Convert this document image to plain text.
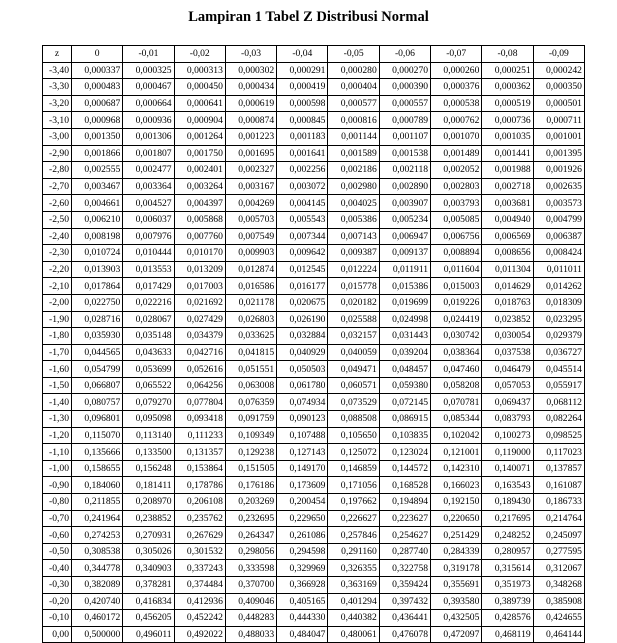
Lampiran 1 Tabel Z Distribusi Normal
z	0	-0,01	-0,02	-0,03	-0,04	-0,05	-0,06	-0,07	-0,08	-0,09
-3,40	0,000337	0,000325	0,000313	0,000302	0,000291	0,000280	0,000270	0,000260	0,000251	0,000242
-3,30	0,000483	0,000467	0,000450	0,000434	0,000419	0,000404	0,000390	0,000376	0,000362	0,000350
-3,20	0,000687	0,000664	0,000641	0,000619	0,000598	0,000577	0,000557	0,000538	0,000519	0,000501
-3,10	0,000968	0,000936	0,000904	0,000874	0,000845	0,000816	0,000789	0,000762	0,000736	0,000711
-3,00	0,001350	0,001306	0,001264	0,001223	0,001183	0,001144	0,001107	0,001070	0,001035	0,001001
-2,90	0,001866	0,001807	0,001750	0,001695	0,001641	0,001589	0,001538	0,001489	0,001441	0,001395
-2,80	0,002555	0,002477	0,002401	0,002327	0,002256	0,002186	0,002118	0,002052	0,001988	0,001926
-2,70	0,003467	0,003364	0,003264	0,003167	0,003072	0,002980	0,002890	0,002803	0,002718	0,002635
-2,60	0,004661	0,004527	0,004397	0,004269	0,004145	0,004025	0,003907	0,003793	0,003681	0,003573
-2,50	0,006210	0,006037	0,005868	0,005703	0,005543	0,005386	0,005234	0,005085	0,004940	0,004799
-2,40	0,008198	0,007976	0,007760	0,007549	0,007344	0,007143	0,006947	0,006756	0,006569	0,006387
-2,30	0,010724	0,010444	0,010170	0,009903	0,009642	0,009387	0,009137	0,008894	0,008656	0,008424
-2,20	0,013903	0,013553	0,013209	0,012874	0,012545	0,012224	0,011911	0,011604	0,011304	0,011011
-2,10	0,017864	0,017429	0,017003	0,016586	0,016177	0,015778	0,015386	0,015003	0,014629	0,014262
-2,00	0,022750	0,022216	0,021692	0,021178	0,020675	0,020182	0,019699	0,019226	0,018763	0,018309
-1,90	0,028716	0,028067	0,027429	0,026803	0,026190	0,025588	0,024998	0,024419	0,023852	0,023295
-1,80	0,035930	0,035148	0,034379	0,033625	0,032884	0,032157	0,031443	0,030742	0,030054	0,029379
-1,70	0,044565	0,043633	0,042716	0,041815	0,040929	0,040059	0,039204	0,038364	0,037538	0,036727
-1,60	0,054799	0,053699	0,052616	0,051551	0,050503	0,049471	0,048457	0,047460	0,046479	0,045514
-1,50	0,066807	0,065522	0,064256	0,063008	0,061780	0,060571	0,059380	0,058208	0,057053	0,055917
-1,40	0,080757	0,079270	0,077804	0,076359	0,074934	0,073529	0,072145	0,070781	0,069437	0,068112
-1,30	0,096801	0,095098	0,093418	0,091759	0,090123	0,088508	0,086915	0,085344	0,083793	0,082264
-1,20	0,115070	0,113140	0,111233	0,109349	0,107488	0,105650	0,103835	0,102042	0,100273	0,098525
-1,10	0,135666	0,133500	0,131357	0,129238	0,127143	0,125072	0,123024	0,121001	0,119000	0,117023
-1,00	0,158655	0,156248	0,153864	0,151505	0,149170	0,146859	0,144572	0,142310	0,140071	0,137857
-0,90	0,184060	0,181411	0,178786	0,176186	0,173609	0,171056	0,168528	0,166023	0,163543	0,161087
-0,80	0,211855	0,208970	0,206108	0,203269	0,200454	0,197662	0,194894	0,192150	0,189430	0,186733
-0,70	0,241964	0,238852	0,235762	0,232695	0,229650	0,226627	0,223627	0,220650	0,217695	0,214764
-0,60	0,274253	0,270931	0,267629	0,264347	0,261086	0,257846	0,254627	0,251429	0,248252	0,245097
-0,50	0,308538	0,305026	0,301532	0,298056	0,294598	0,291160	0,287740	0,284339	0,280957	0,277595
-0,40	0,344778	0,340903	0,337243	0,333598	0,329969	0,326355	0,322758	0,319178	0,315614	0,312067
-0,30	0,382089	0,378281	0,374484	0,370700	0,366928	0,363169	0,359424	0,355691	0,351973	0,348268
-0,20	0,420740	0,416834	0,412936	0,409046	0,405165	0,401294	0,397432	0,393580	0,389739	0,385908
-0,10	0,460172	0,456205	0,452242	0,448283	0,444330	0,440382	0,436441	0,432505	0,428576	0,424655
0,00	0,500000	0,496011	0,492022	0,488033	0,484047	0,480061	0,476078	0,472097	0,468119	0,464144
